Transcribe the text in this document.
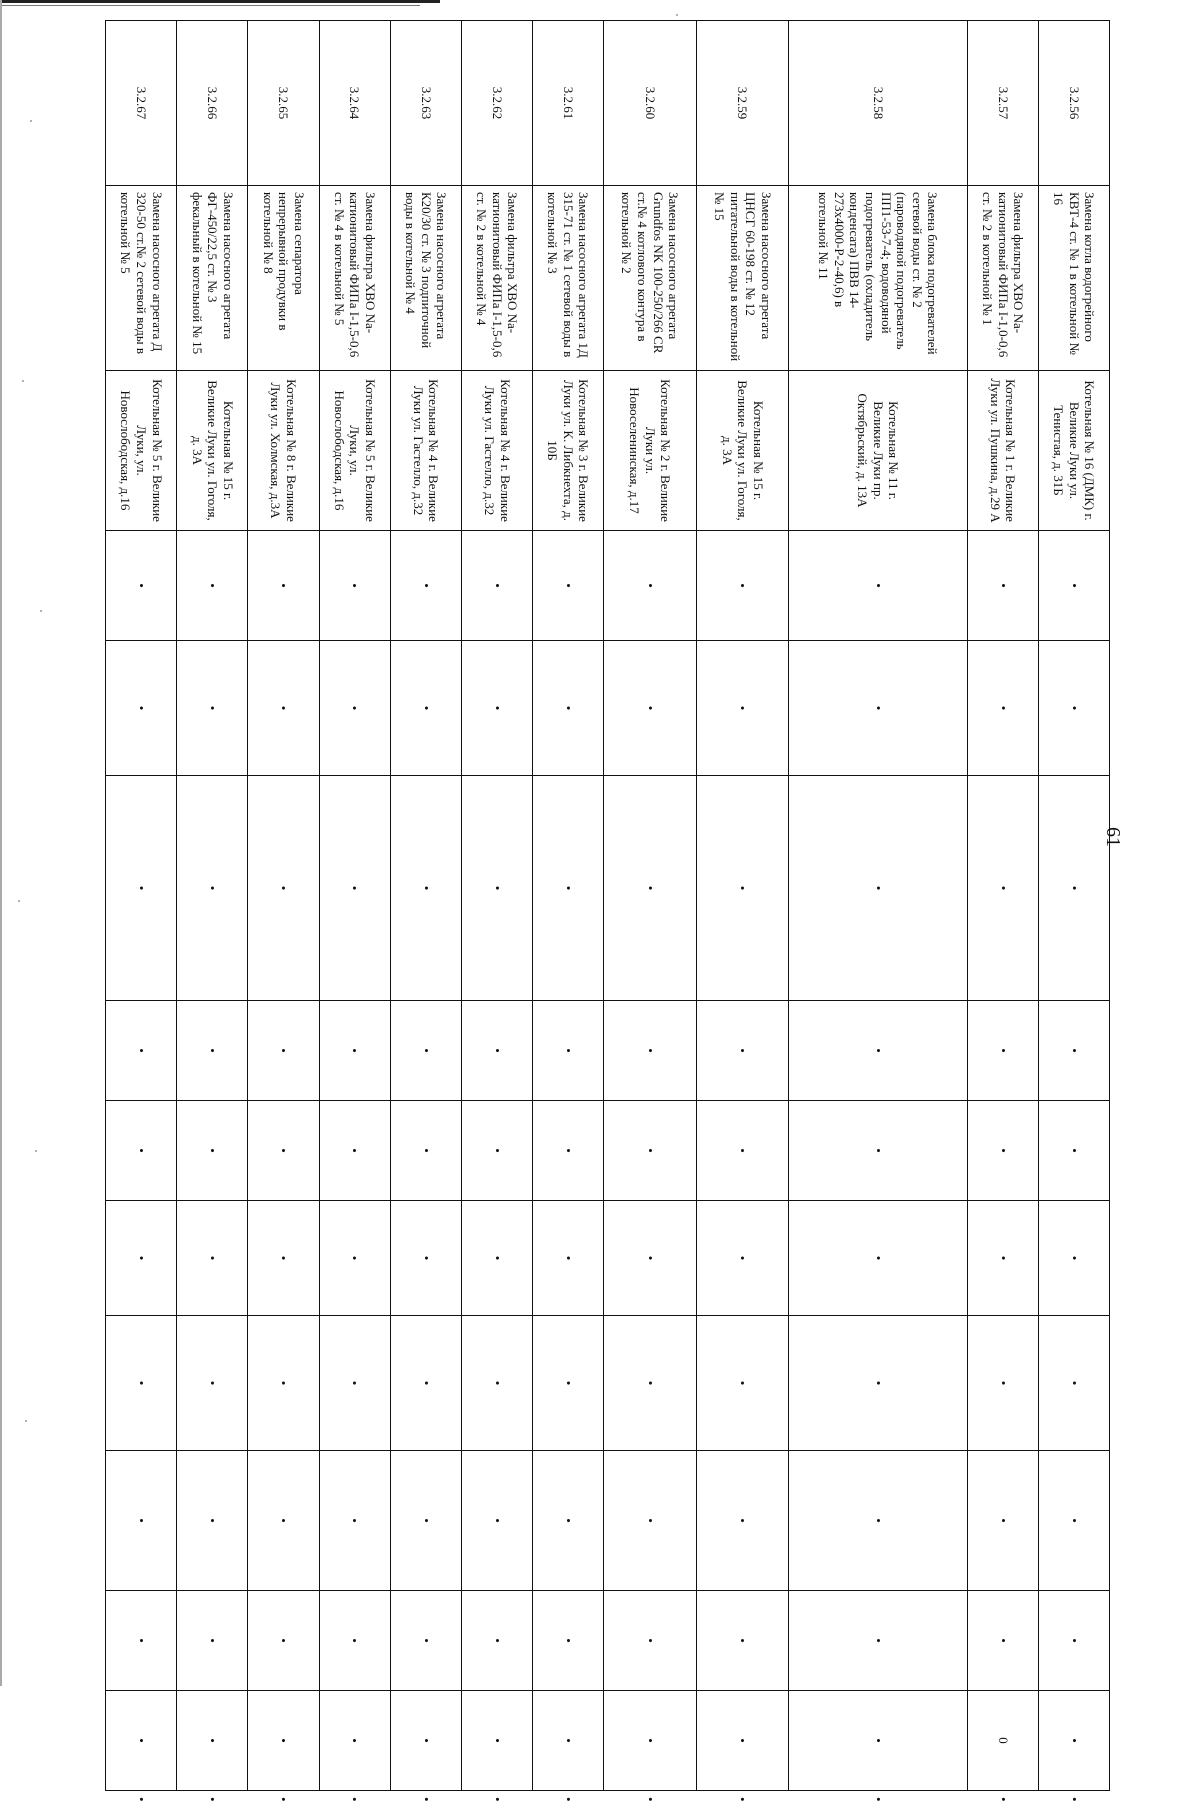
61
3.2.56	Замена котла водогрейного КВТ-4 ст. № 1 в котельной № 16	Котельная № 16 (ДМК) г. Великие Луки ул. Тенистая, д. 31Б	•	•	•	•	•	•	•	•	•	•	•
3.2.57	Замена фильтра ХВО Na-катионитовый ФИПа I-1,0-0,6 ст. № 2 в котельной № 1	Котельная № 1 г. Великие Луки ул. Пушкина, д.29 А	•	•	•	•	•	•	•	•	•	0	•
3.2.58	Замена блока подогревателей сетевой воды ст. № 2 (пароводяной подогреватель ПП1-53-7-4; водоводяной подогреватель (охладитель конденсата) ПВВ 14-273х4000-Р-2-40,6) в котельной № 11	Котельная № 11 г. Великие Луки пр. Октябрьский, д. 13А	•	•	•	•	•	•	•	•	•	•	•
3.2.59	Замена насосного агрегата ЦНСГ 60-198 ст. № 12 питательной воды в котельной № 15	Котельная № 15 г. Великие Луки ул. Гоголя, д. 3А	•	•	•	•	•	•	•	•	•	•	•
3.2.60	Замена насосного агрегата Grundfos NK 100-250/266 CR ст.№ 4 котлового контура в котельной № 2	Котельная № 2 г. Великие Луки ул. Новоселенинская, д.17	•	•	•	•	•	•	•	•	•	•	•
3.2.61	Замена насосного агрегата 1Д 315-71 ст. № 1 сетевой воды в котельной № 3	Котельная № 3 г. Великие Луки ул. К. Либкнехта, д. 10Б	•	•	•	•	•	•	•	•	•	•	•
3.2.62	Замена фильтра ХВО Na-катионитовый ФИПа I-1,5-0,6 ст. № 2 в котельной № 4	Котельная № 4 г. Великие Луки ул. Гастелло, д.32	•	•	•	•	•	•	•	•	•	•	•
3.2.63	Замена насосного агрегата К20/30 ст. № 3 подпиточной воды в котельной № 4	Котельная № 4 г. Великие Луки ул. Гастелло, д.32	•	•	•	•	•	•	•	•	•	•	•
3.2.64	Замена фильтра ХВО Na-катионитовый ФИПа I-1,5-0,6 ст. № 4 в котельной № 5	Котельная № 5 г. Великие Луки, ул. Новослободская, д.16	•	•	•	•	•	•	•	•	•	•	•
3.2.65	Замена сепаратора непрерывной продувки в котельной № 8	Котельная № 8 г. Великие Луки ул. Холмская, д.3А	•	•	•	•	•	•	•	•	•	•	•
3.2.66	Замена насосного агрегата ФГ-450/22,5 ст. № 3 фекальный в котельной № 15	Котельная № 15 г. Великие Луки ул. Гоголя, д. 3А	•	•	•	•	•	•	•	•	•	•	•
3.2.67	Замена насосного агрегата Д 320-50 ст.№ 2 сетевой воды в котельной № 5	Котельная № 5 г. Великие Луки, ул. Новослободская, д.16	•	•	•	•	•	•	•	•	•	•	•
